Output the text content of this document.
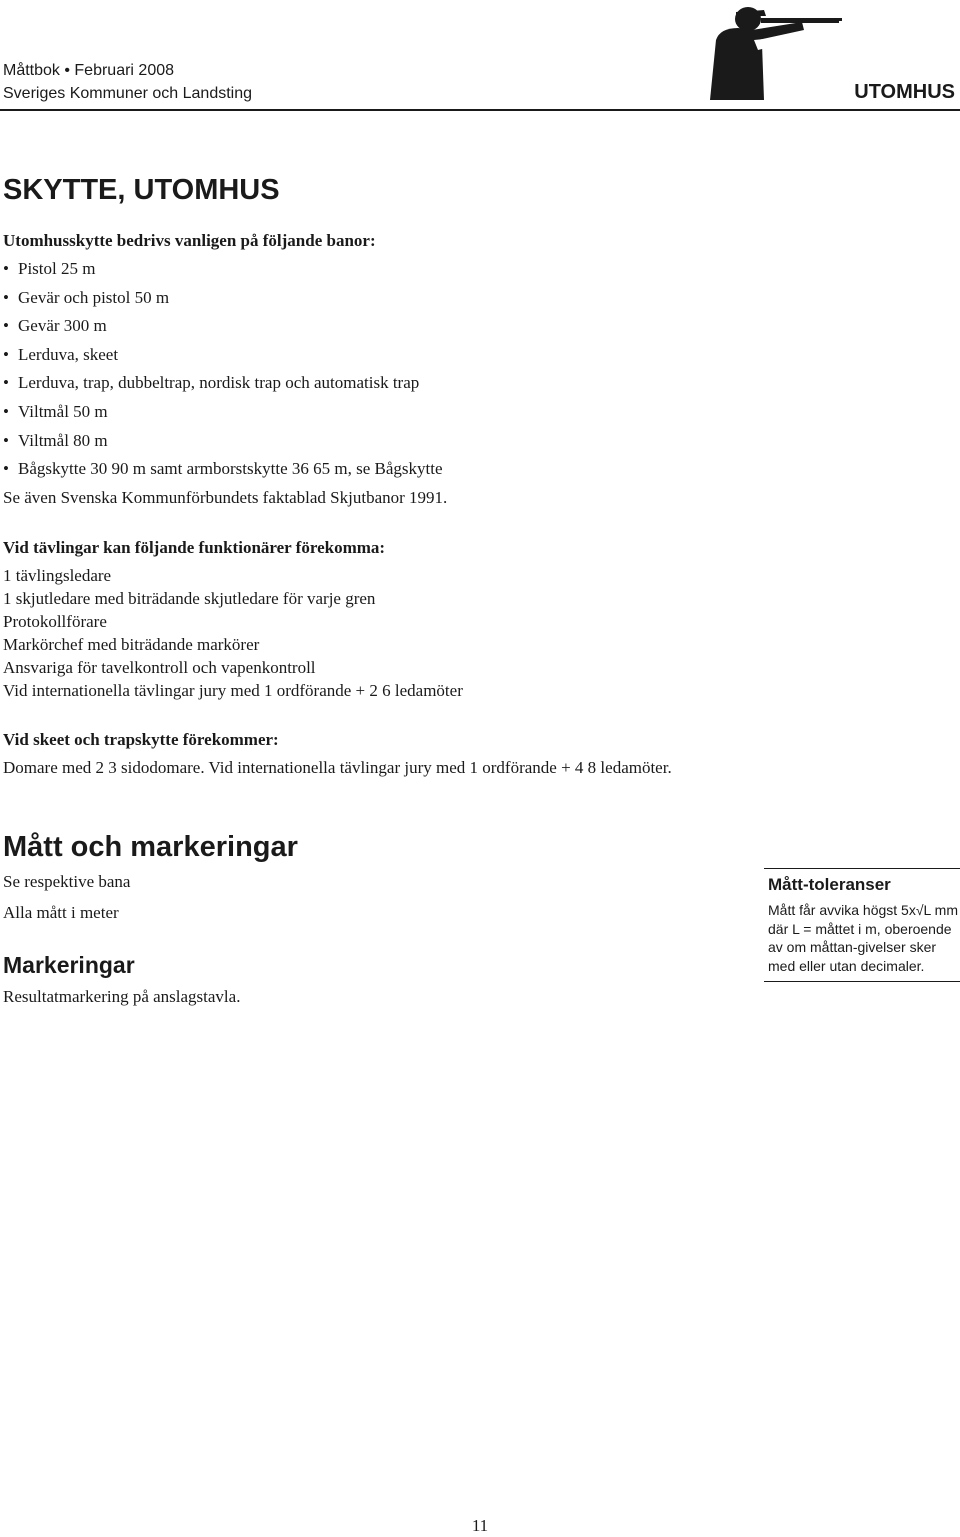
Måttbok • Februari 2008
Sveriges Kommuner och Landsting	UTOMHUS
SKYTTE, UTOMHUS

Utomhusskytte bedrivs vanligen på följande banor:

• Pistol 25 m
• Gevär och pistol 50 m
• Gevär 300 m
• Lerduva, skeet
• Lerduva, trap, dubbeltrap, nordisk trap och automatisk trap
• Viltmål 50 m
• Viltmål 80 m
• Bågskytte 30 90 m samt armborstskytte 36 65 m, se Bågskytte

Se även Svenska Kommunförbundets faktablad Skjutbanor 1991.

Vid tävlingar kan följande funktionärer förekomma:

1 tävlingsledare

1 skjutledare med biträdande skjutledare för varje gren

Protokollförare

Markörchef med biträdande markörer

Ansvariga för tavelkontroll och vapenkontroll

Vid internationella tävlingar jury med 1 ordförande + 2 6 ledamöter

Vid skeet och trapskytte förekommer:

Domare med 2 3 sidodomare. Vid internationella tävlingar jury med 1 ordförande + 4 8 ledamöter.

Mått och markeringar

Se respektive bana

Alla mått i meter

Markeringar

Resultatmarkering på anslagstavla.

Mått-toleranser

Mått får avvika högst 5x√L mm där L = måttet i m, oberoende av om måttan-givelser sker med eller utan decimaler.

11
